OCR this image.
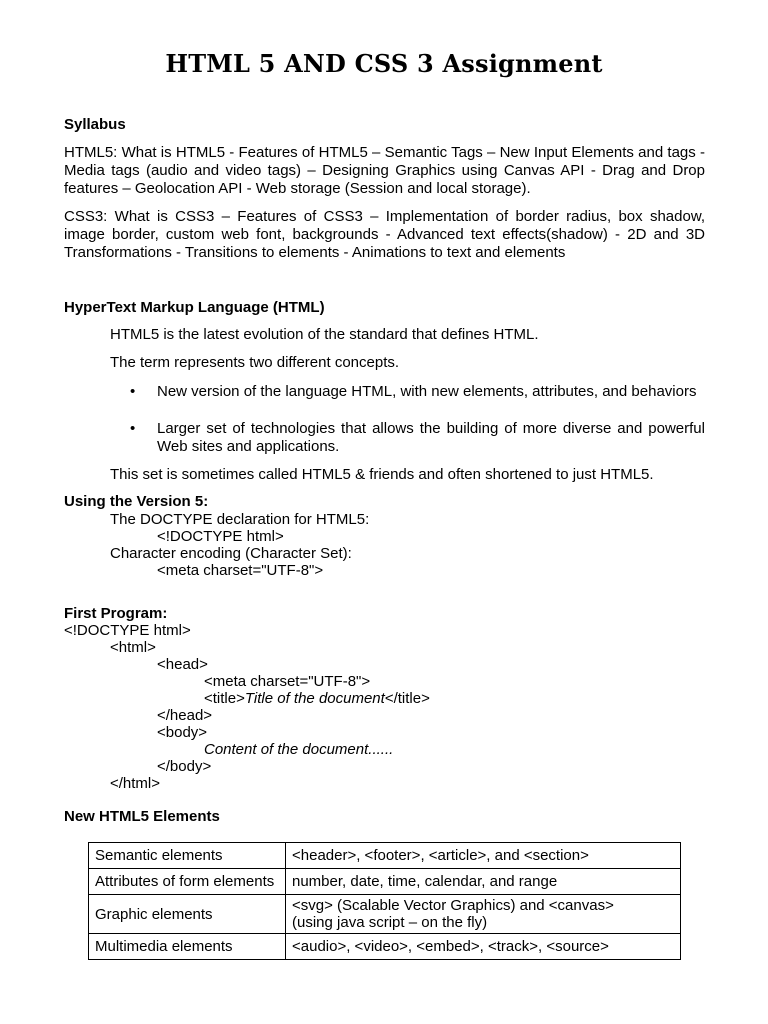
HTML 5 AND CSS 3 Assignment
Syllabus
HTML5: What is HTML5 - Features of HTML5 – Semantic Tags – New Input Elements and tags - Media tags (audio and video tags) – Designing Graphics using Canvas API - Drag and Drop features – Geolocation API - Web storage (Session and local storage).
CSS3: What is CSS3 – Features of CSS3 – Implementation of border radius, box shadow, image border, custom web font, backgrounds - Advanced text effects(shadow) - 2D and 3D Transformations - Transitions to elements - Animations to text and elements
HyperText Markup Language (HTML)
HTML5 is the latest evolution of the standard that defines HTML.
The term represents two different concepts.
•	New version of the language HTML, with new elements, attributes, and behaviors
•	Larger set of technologies that allows the building of more diverse and powerful Web sites and applications.
This set is sometimes called HTML5 & friends and often shortened to just HTML5.
Using the Version 5:
The DOCTYPE declaration for HTML5:
<!DOCTYPE html>
Character encoding (Character Set):
<meta charset="UTF-8">
First Program:
<!DOCTYPE html>
<html>
<head>
<meta charset="UTF-8">
<title>Title of the document</title>
</head>
<body>
Content of the document......
</body>
</html>
New HTML5 Elements
Semantic elements	<header>, <footer>, <article>, and <section>
Attributes of form elements	number, date, time, calendar, and range
Graphic elements	<svg> (Scalable Vector Graphics) and <canvas>
(using java script – on the fly)

Multimedia elements	<audio>, <video>, <embed>, <track>, <source>
